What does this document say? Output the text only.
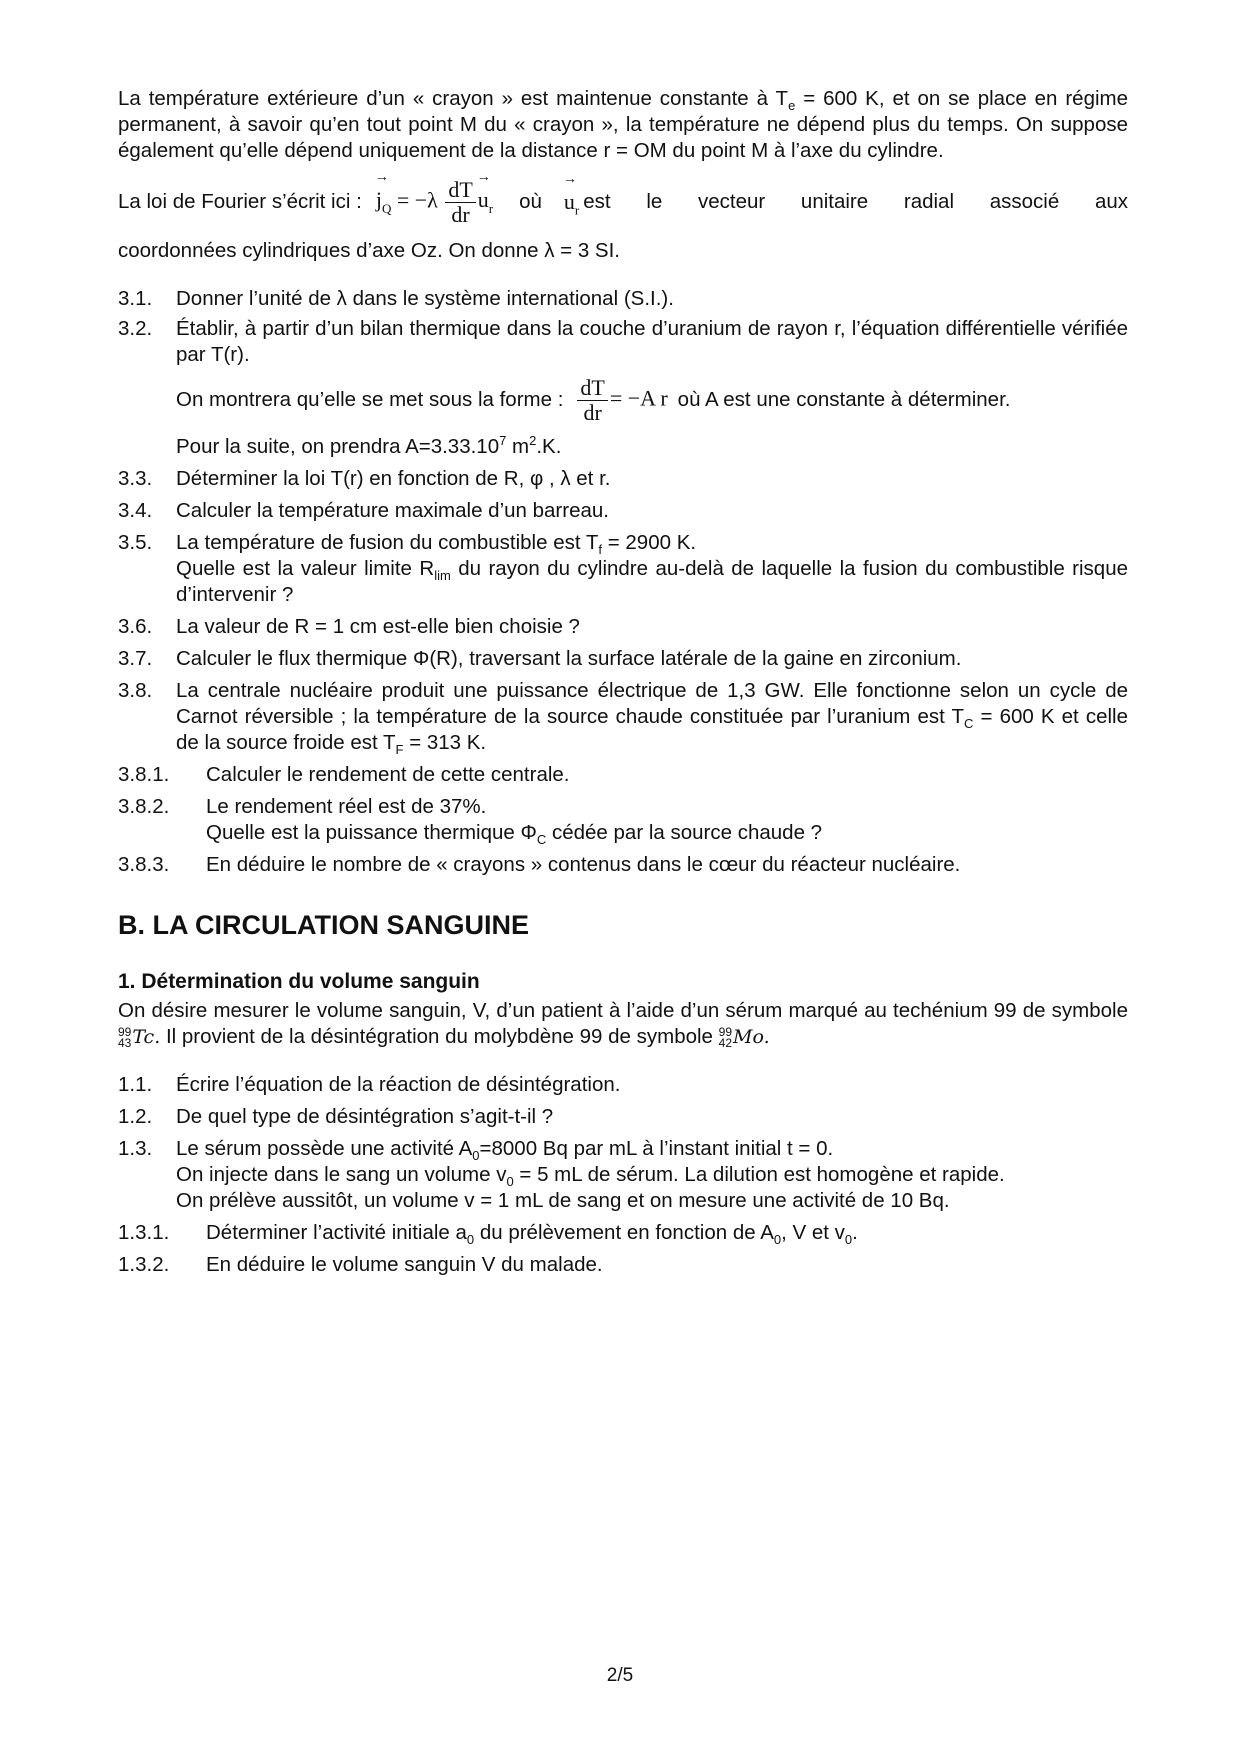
La température extérieure d’un « crayon » est maintenue constante à $T_e = 600$ K, et on se place en régime permanent, à savoir qu’en tout point M du « crayon », la température ne dépend plus du temps. On suppose également qu’elle dépend uniquement de la distance r = OM du point M à l’axe du cylindre.

La loi de Fourier s’écrit ici :
→ $j_Q = -\lambda \frac{dT}{dr}$
→ $u_r$ où
→ $u_r$ est le vecteur unitaire radial associé aux

coordonnées cylindriques d’axe Oz. On donne λ = 3 SI.

3.1.	Donner l’unité de λ dans le système international (S.I.).
3.2.	Établir, à partir d’un bilan thermique dans la couche d’uranium de rayon r, l’équation différentielle vérifiée par T(r).
On montrera qu’elle se met sous la forme : $\frac{dT}{dr} = -A$ r où A est une constante à déterminer.
Pour la suite, on prendra $A=3.33.10^7$ $m^2.K$.
3.3.	Déterminer la loi T(r) en fonction de R, φ , λ et r.
3.4.	Calculer la température maximale d’un barreau.
3.5.	La température de fusion du combustible est $T_f = 2900$ K.
Quelle est la valeur limite $R_{lim}$ du rayon du cylindre au-delà de laquelle la fusion du combustible risque d’intervenir ?
3.6.	La valeur de R = 1 cm est-elle bien choisie ?
3.7.	Calculer le flux thermique Φ(R), traversant la surface latérale de la gaine en zirconium.
3.8.	La centrale nucléaire produit une puissance électrique de 1,3 GW. Elle fonctionne selon un cycle de Carnot réversible ; la température de la source chaude constituée par l’uranium est $T_C = 600$ K et celle de la source froide est $T_F = 313$ K.
3.8.1.	Calculer le rendement de cette centrale.
3.8.2.	Le rendement réel est de 37%.
Quelle est la puissance thermique $\Phi_C$ cédée par la source chaude ?
3.8.3.	En déduire le nombre de « crayons » contenus dans le cœur du réacteur nucléaire.
B. LA CIRCULATION SANGUINE
1. Détermination du volume sanguin

On désire mesurer le volume sanguin, V, d’un patient à l’aide d’un sérum marqué au techénium 99 de symbole
99
43 Tc. Il provient de la désintégration du molybdène 99 de symbole 99
42 Mo.

1.1.	Écrire l’équation de la réaction de désintégration.
1.2.	De quel type de désintégration s’agit-t-il ?
1.3.	Le sérum possède une activité $A_0=8000$ Bq par mL à l’instant initial t = 0.
On injecte dans le sang un volume $v_0 = 5$ mL de sérum. La dilution est homogène et rapide.
On prélève aussitôt, un volume v = 1 mL de sang et on mesure une activité de 10 Bq.
1.3.1.	Déterminer l’activité initiale $a_0$ du prélèvement en fonction de $A_0$, V et $v_0$.
1.3.2.	En déduire le volume sanguin V du malade.
2/5
